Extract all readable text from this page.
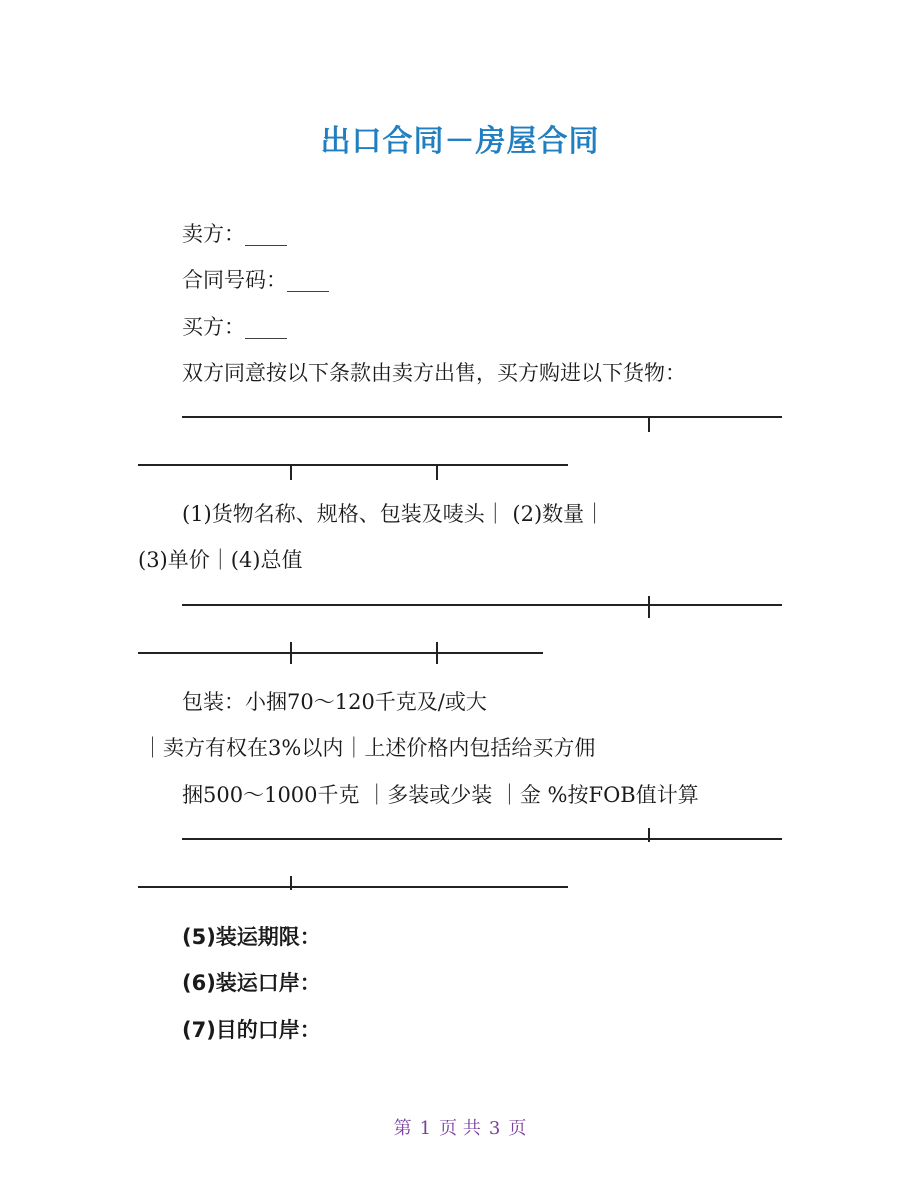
出口合同－房屋合同
卖方：____
合同号码：____
买方：____
双方同意按以下条款由卖方出售，买方购进以下货物：
(1)货物名称、规格、包装及唛头｜ (2)数量｜
(3)单价｜(4)总值
包装：小捆70～120千克及/或大
｜卖方有权在3%以内｜上述价格内包括给买方佣
捆500～1000千克 ｜多装或少装 ｜金 %按FOB值计算
(5)装运期限：
(6)装运口岸：
(7)目的口岸：
第 1 页 共 3 页
